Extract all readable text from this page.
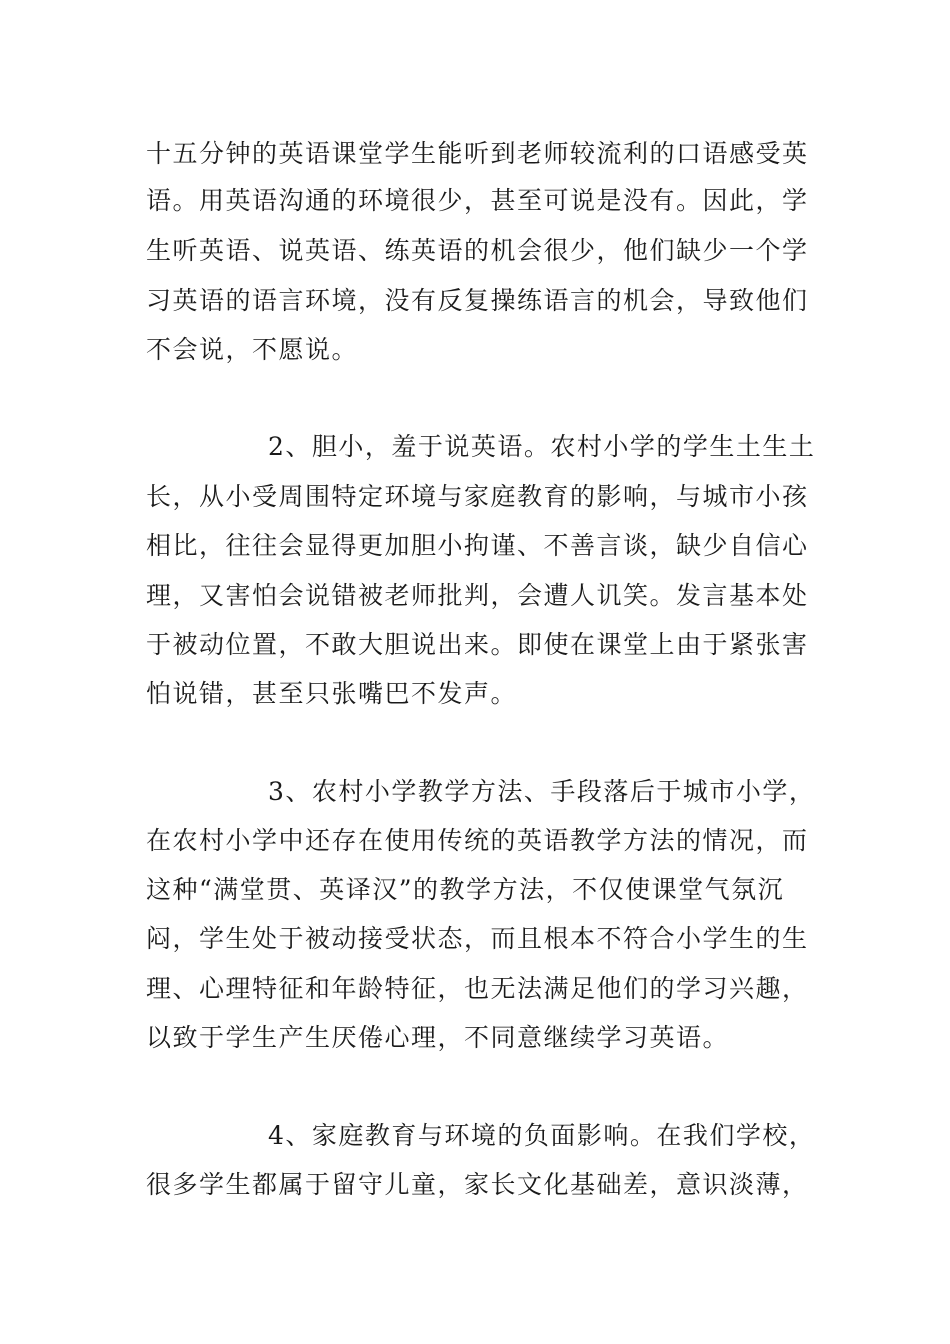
十五分钟的英语课堂学生能听到老师较流利的口语感受英
语。用英语沟通的环境很少，甚至可说是没有。因此，学
生听英语、说英语、练英语的机会很少，他们缺少一个学
习英语的语言环境，没有反复操练语言的机会，导致他们
不会说，不愿说。
2、胆小，羞于说英语。农村小学的学生土生土
长，从小受周围特定环境与家庭教育的影响，与城市小孩
相比，往往会显得更加胆小拘谨、不善言谈，缺少自信心
理，又害怕会说错被老师批判，会遭人讥笑。发言基本处
于被动位置，不敢大胆说出来。即使在课堂上由于紧张害
怕说错，甚至只张嘴巴不发声。
3、农村小学教学方法、手段落后于城市小学，
在农村小学中还存在使用传统的英语教学方法的情况，而
这种“满堂贯、英译汉”的教学方法，不仅使课堂气氛沉
闷，学生处于被动接受状态，而且根本不符合小学生的生
理、心理特征和年龄特征，也无法满足他们的学习兴趣，
以致于学生产生厌倦心理，不同意继续学习英语。
4、家庭教育与环境的负面影响。在我们学校，
很多学生都属于留守儿童，家长文化基础差，意识淡薄，
